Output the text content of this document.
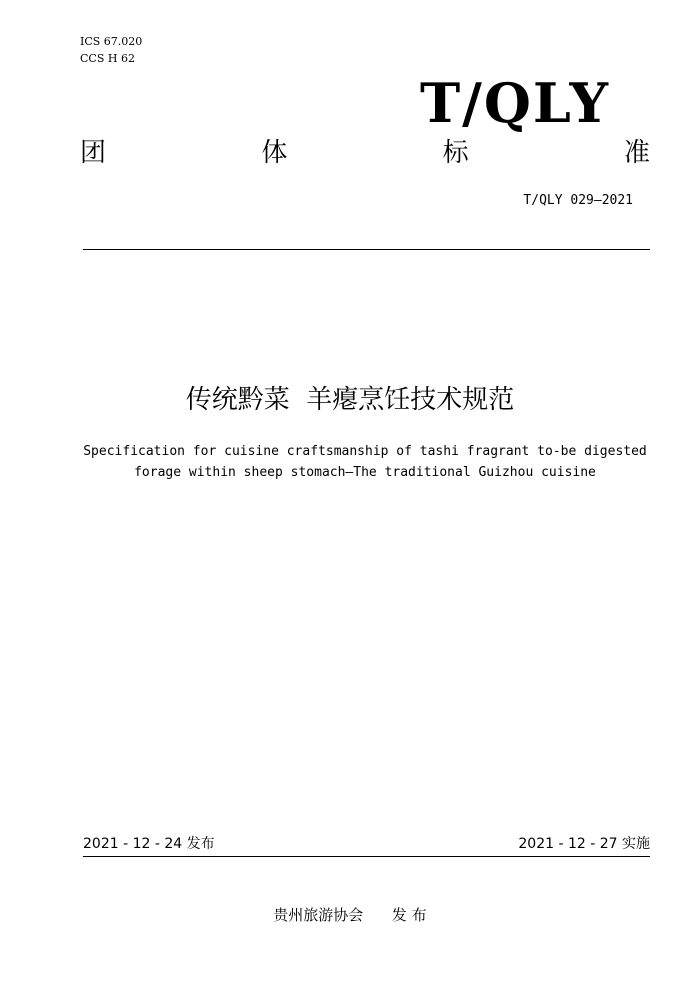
ICS 67.020
CCS H 62
T/QLY
团	体	标	准
T/QLY 029—2021
传统黔菜  羊瘪烹饪技术规范
Specification for cuisine craftsmanship of tashi fragrant to-be digested
forage within sheep stomach—The traditional Guizhou cuisine
2021 - 12 - 24 发布	2021 - 12 - 27 实施
贵州旅游协会      发 布
